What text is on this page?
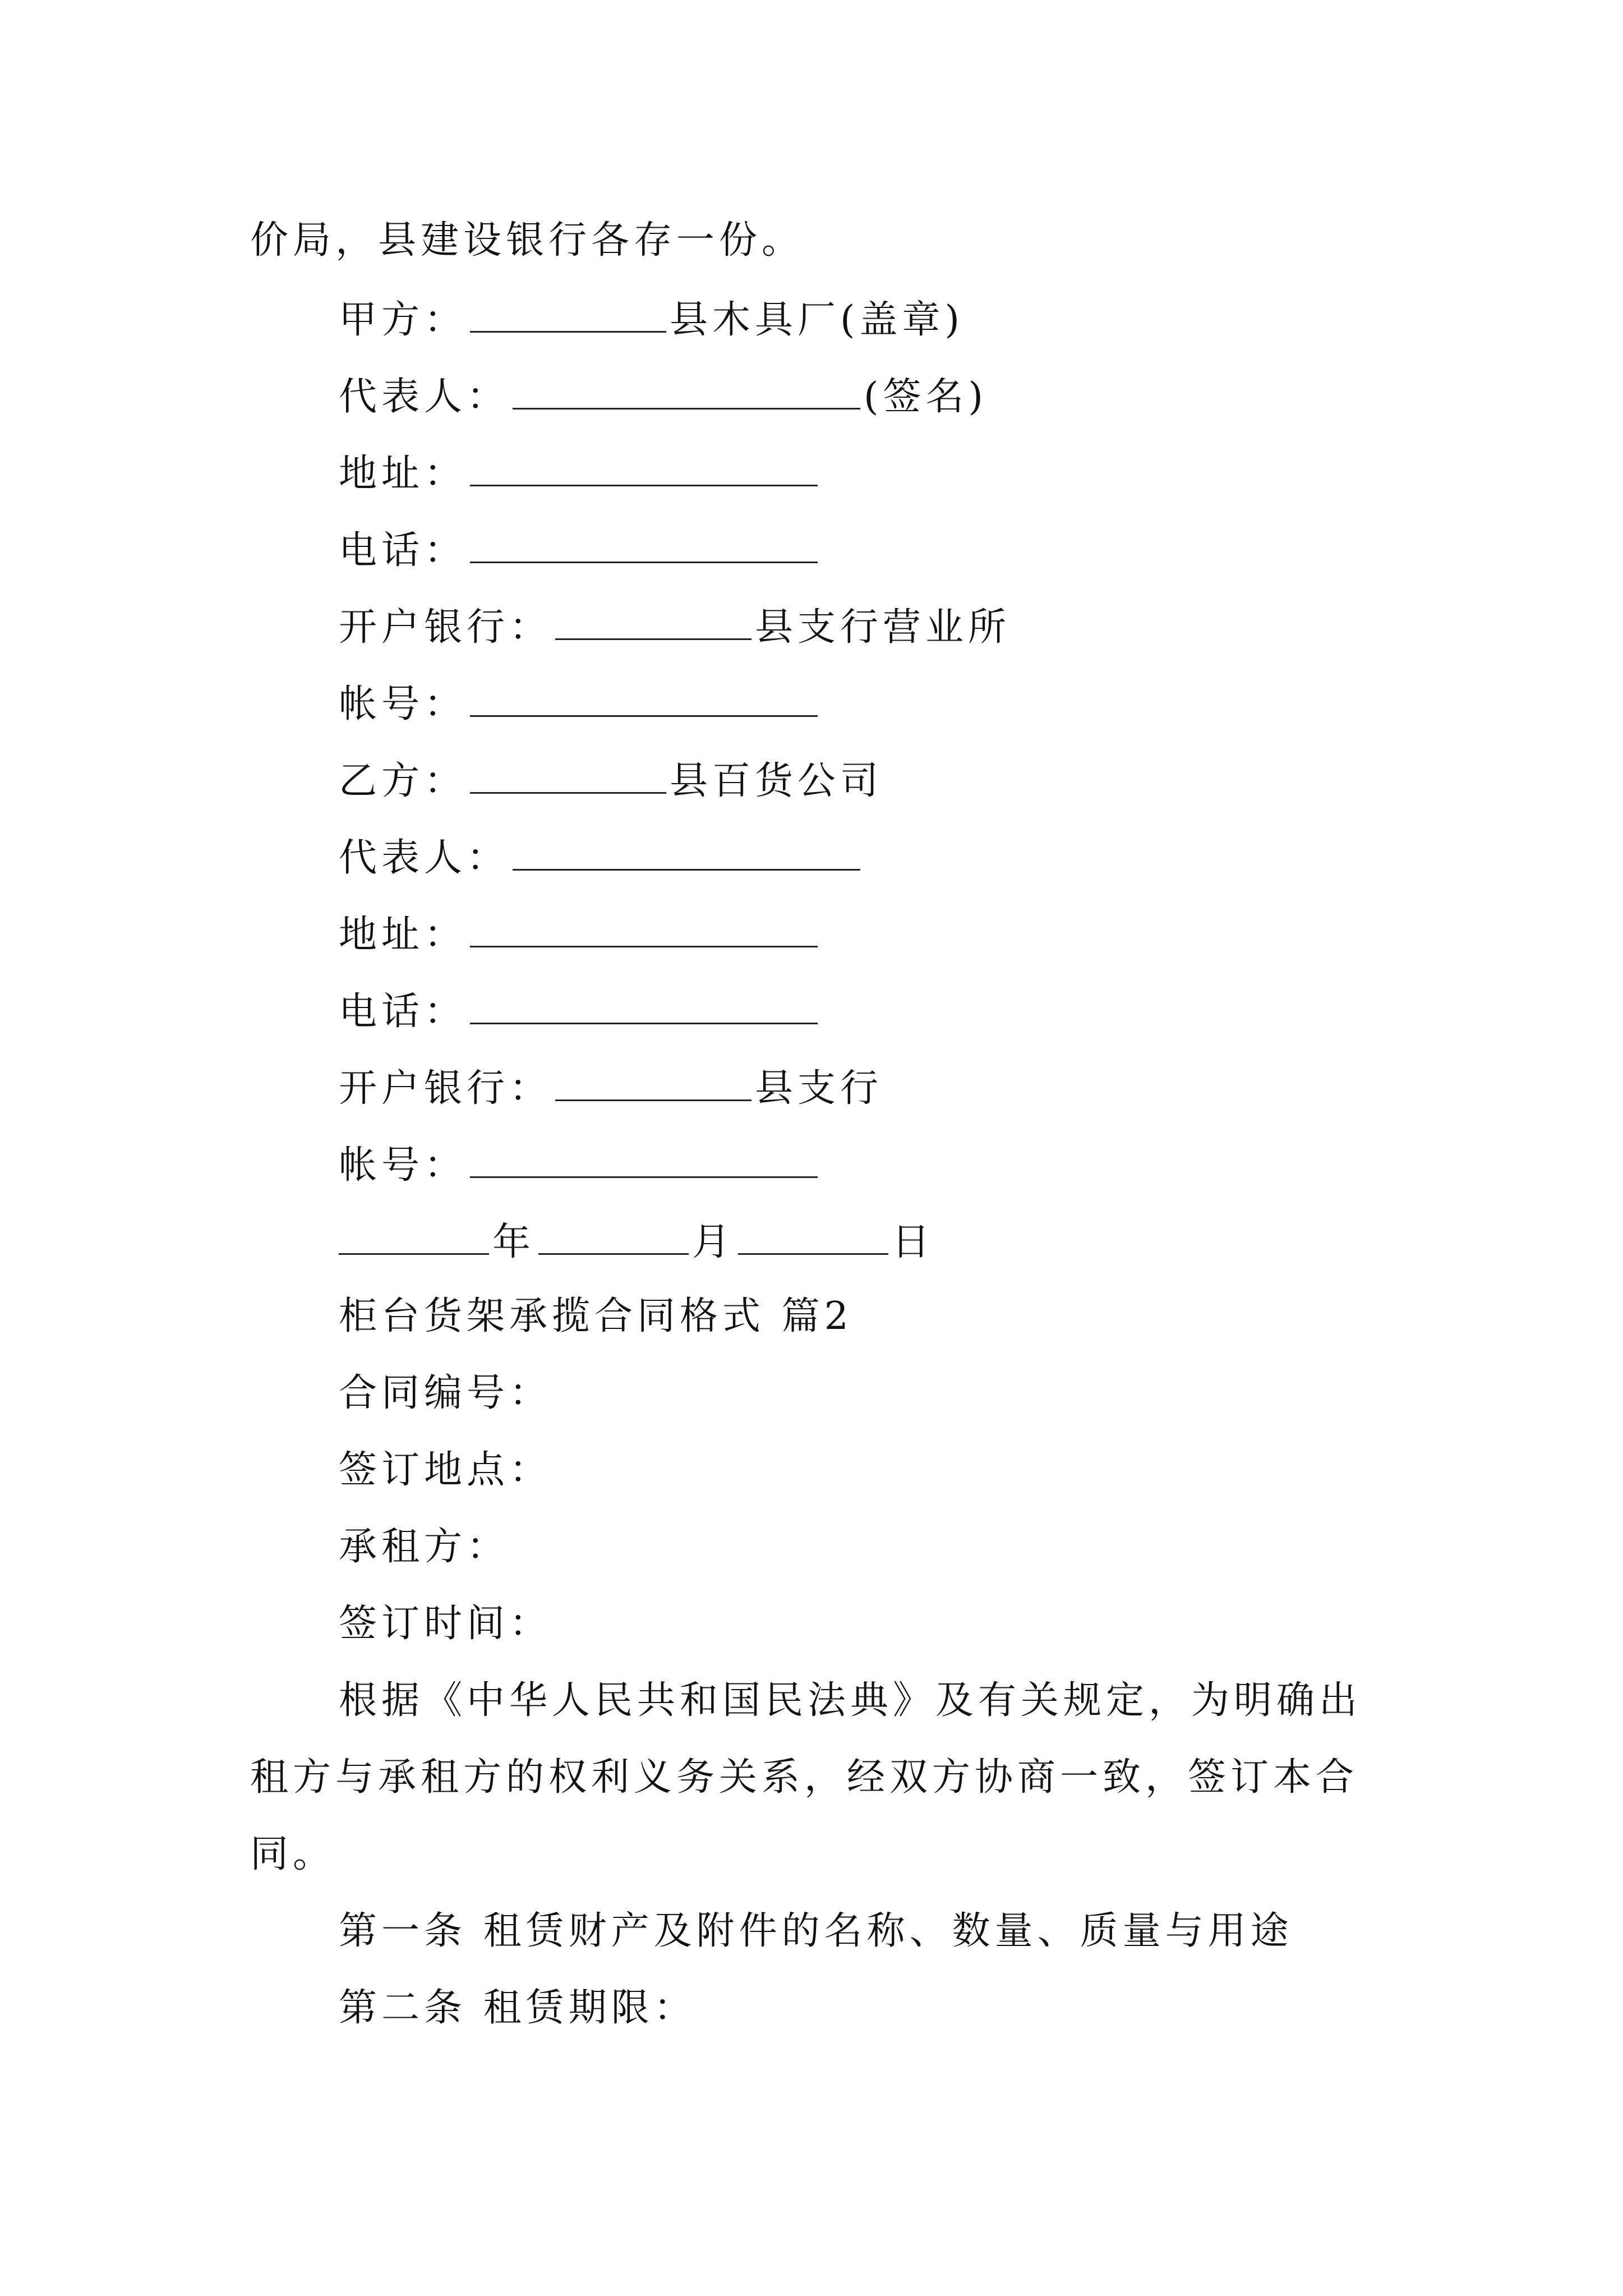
价局，县建设银行各存一份。
甲方：	县木具厂(盖章)
代表人：	(签名)
地址：
电话：
开户银行：	县支行营业所
帐号：
乙方：	县百货公司
代表人：
地址：
电话：
开户银行：	县支行
帐号：
年	月	日
柜台货架承揽合同格式 篇2
合同编号：
签订地点：
承租方：
签订时间：
根据《中华人民共和国民法典》及有关规定，为明确出
租方与承租方的权利义务关系，经双方协商一致，签订本合
同。
第一条 租赁财产及附件的名称、数量、质量与用途
第二条 租赁期限：
